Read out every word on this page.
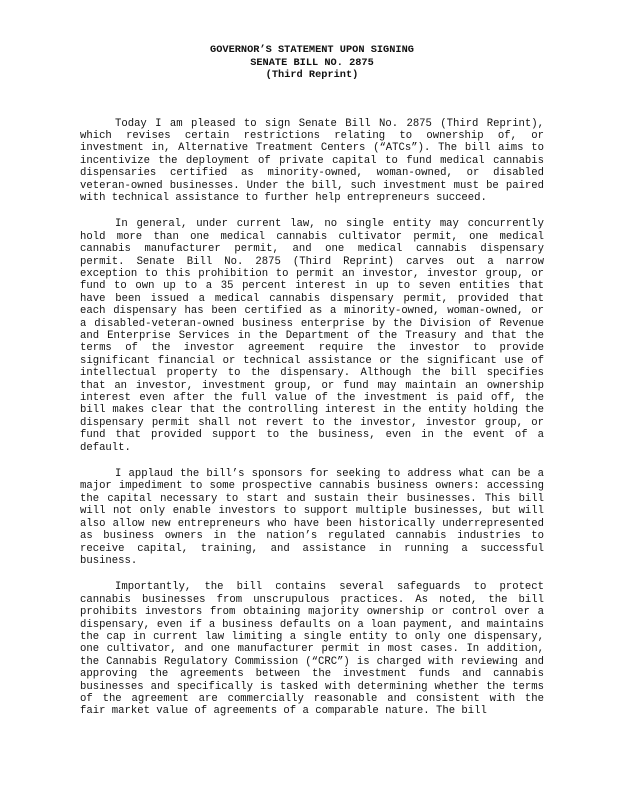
GOVERNOR’S STATEMENT UPON SIGNING
SENATE BILL NO. 2875
(Third Reprint)

Today I am pleased to sign Senate Bill No. 2875 (Third Reprint), which revises certain restrictions relating to ownership of, or investment in, Alternative Treatment Centers (“ATCs”). The bill aims to incentivize the deployment of private capital to fund medical cannabis dispensaries certified as minority-owned, woman-owned, or disabled veteran-owned businesses. Under the bill, such investment must be paired with technical assistance to further help entrepreneurs succeed.

In general, under current law, no single entity may concurrently hold more than one medical cannabis cultivator permit, one medical cannabis manufacturer permit, and one medical cannabis dispensary permit. Senate Bill No. 2875 (Third Reprint) carves out a narrow exception to this prohibition to permit an investor, investor group, or fund to own up to a 35 percent interest in up to seven entities that have been issued a medical cannabis dispensary permit, provided that each dispensary has been certified as a minority-owned, woman-owned, or a disabled-veteran-owned business enterprise by the Division of Revenue and Enterprise Services in the Department of the Treasury and that the terms of the investor agreement require the investor to provide significant financial or technical assistance or the significant use of intellectual property to the dispensary. Although the bill specifies that an investor, investment group, or fund may maintain an ownership interest even after the full value of the investment is paid off, the bill makes clear that the controlling interest in the entity holding the dispensary permit shall not revert to the investor, investor group, or fund that provided support to the business, even in the event of a default.

I applaud the bill’s sponsors for seeking to address what can be a major impediment to some prospective cannabis business owners: accessing the capital necessary to start and sustain their businesses. This bill will not only enable investors to support multiple businesses, but will also allow new entrepreneurs who have been historically underrepresented as business owners in the nation’s regulated cannabis industries to receive capital, training, and assistance in running a successful business.

Importantly, the bill contains several safeguards to protect cannabis businesses from unscrupulous practices. As noted, the bill prohibits investors from obtaining majority ownership or control over a dispensary, even if a business defaults on a loan payment, and maintains the cap in current law limiting a single entity to only one dispensary, one cultivator, and one manufacturer permit in most cases. In addition, the Cannabis Regulatory Commission (“CRC”) is charged with reviewing and approving the agreements between the investment funds and cannabis businesses and specifically is tasked with determining whether the terms of the agreement are commercially reasonable and consistent with the fair market value of agreements of a comparable nature. The bill
